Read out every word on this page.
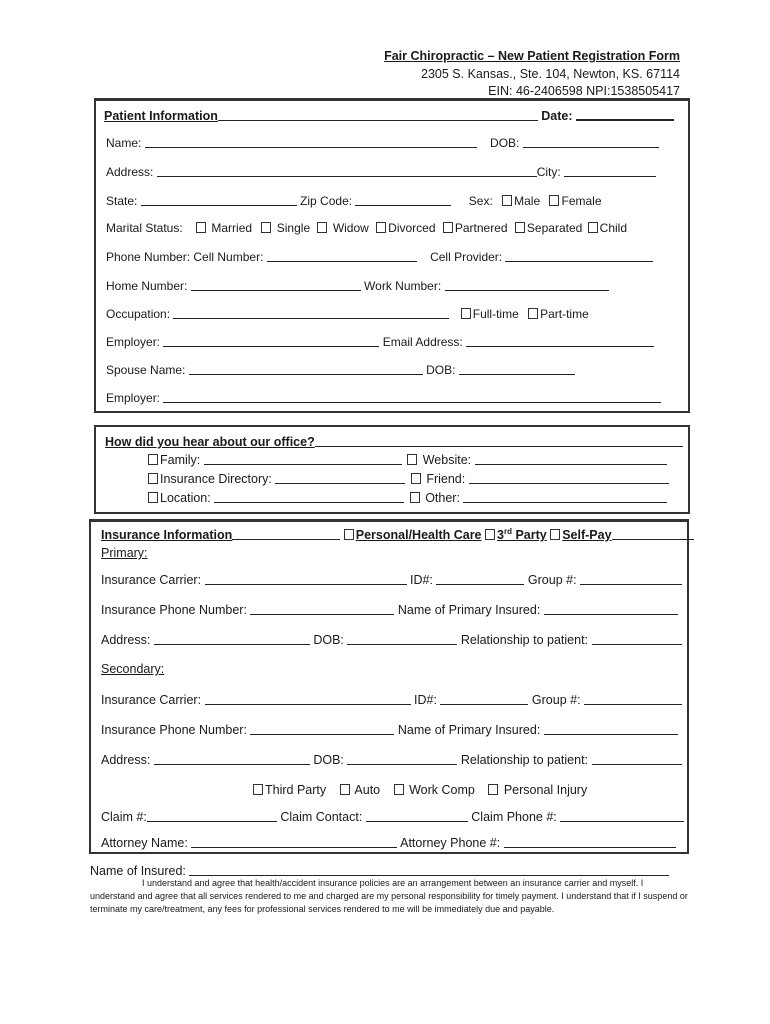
Fair Chiropractic – New Patient Registration Form
2305 S. Kansas., Ste. 104, Newton, KS. 67114
EIN: 46-2406598 NPI:1538505417
Patient Information	Date:
Name:	DOB:
Address:	City:
State:	Zip Code:	Sex: Male Female
Marital Status: Married Single Widow Divorced Partnered Separated Child
Phone Number: Cell Number:	Cell Provider:
Home Number:	Work Number:
Occupation:	Full-time Part-time
Employer:	Email Address:
Spouse Name:	DOB:
Employer:
How did you hear about our office?
Family:	Website:
Insurance Directory:	Friend:
Location:	Other:
Insurance Information	Personal/Health Care 3rd Party Self-Pay
Primary:
Insurance Carrier:	ID#:	Group #:
Insurance Phone Number:	Name of Primary Insured:
Address:	DOB:	Relationship to patient:
Secondary:
Insurance Carrier:	ID#:	Group #:
Insurance Phone Number:	Name of Primary Insured:
Address:	DOB:	Relationship to patient:
Third Party Auto Work Comp Personal Injury
Claim #:	Claim Contact:	Claim Phone #:
Attorney Name:	Attorney Phone #:
Name of Insured:

I understand and agree that health/accident insurance policies are an arrangement between an insurance carrier and myself. I understand and agree that all services rendered to me and charged are my personal responsibility for timely payment. I understand that if I suspend or terminate my care/treatment, any fees for professional services rendered to me will be immediately due and payable.
